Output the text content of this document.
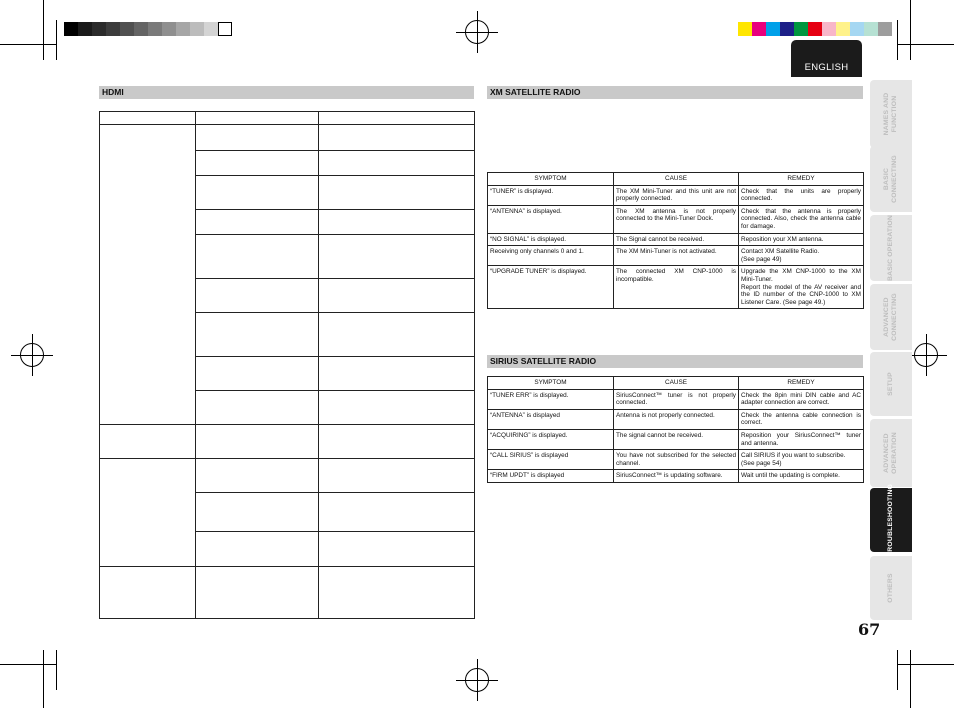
ENGLISH
HDMI

			XM SATELLITE RADIO
SYMPTOM	CAUSE	REMEDY
“TUNER” is displayed.	The XM Mini-Tuner and this unit are not properly connected.	Check that the units are properly connected.
“ANTENNA” is displayed.	The XM antenna is not properly connected to the Mini-Tuner Dock.	Check that the antenna is properly connected. Also, check the antenna cable for damage.
“NO SIGNAL” is displayed.	The Signal cannot be received.	Reposition your XM antenna.
Receiving only channels 0 and 1.	The XM Mini-Tuner is not activated.	Contact XM Satellite Radio.
(See page 49)
“UPGRADE TUNER” is displayed.	The connected XM CNP-1000 is incompatible.	Upgrade the XM CNP-1000 to the XM Mini-Tuner.
Report the model of the AV receiver and the ID number of the CNP-1000 to XM Listener Care. (See page 49.)
SIRIUS SATELLITE RADIO
SYMPTOM	CAUSE	REMEDY
“TUNER ERR” is displayed.	SiriusConnect™ tuner is not properly connected.	Check the 8pin mini DIN cable and AC adapter connection are correct.
“ANTENNA” is displayed	Antenna is not properly connected.	Check the antenna cable connection is correct.
“ACQUIRING” is displayed.	The signal cannot be received.	Reposition your SiriusConnect™ tuner and antenna.
“CALL SIRIUS” is displayed	You have not subscribed for the selected channel.	Call SIRIUS if you want to subscribe.
(See page 54)
“FIRM UPDT” is displayed	SiriusConnect™ is updating software.	Wait until the updating is complete.
NAMES AND
FUNCTION
BASIC
CONNECTING
BASIC OPERATION
ADVANCED
CONNECTING
SETUP
ADVANCED
OPERATION
TROUBLESHOOTING
OTHERS
67
